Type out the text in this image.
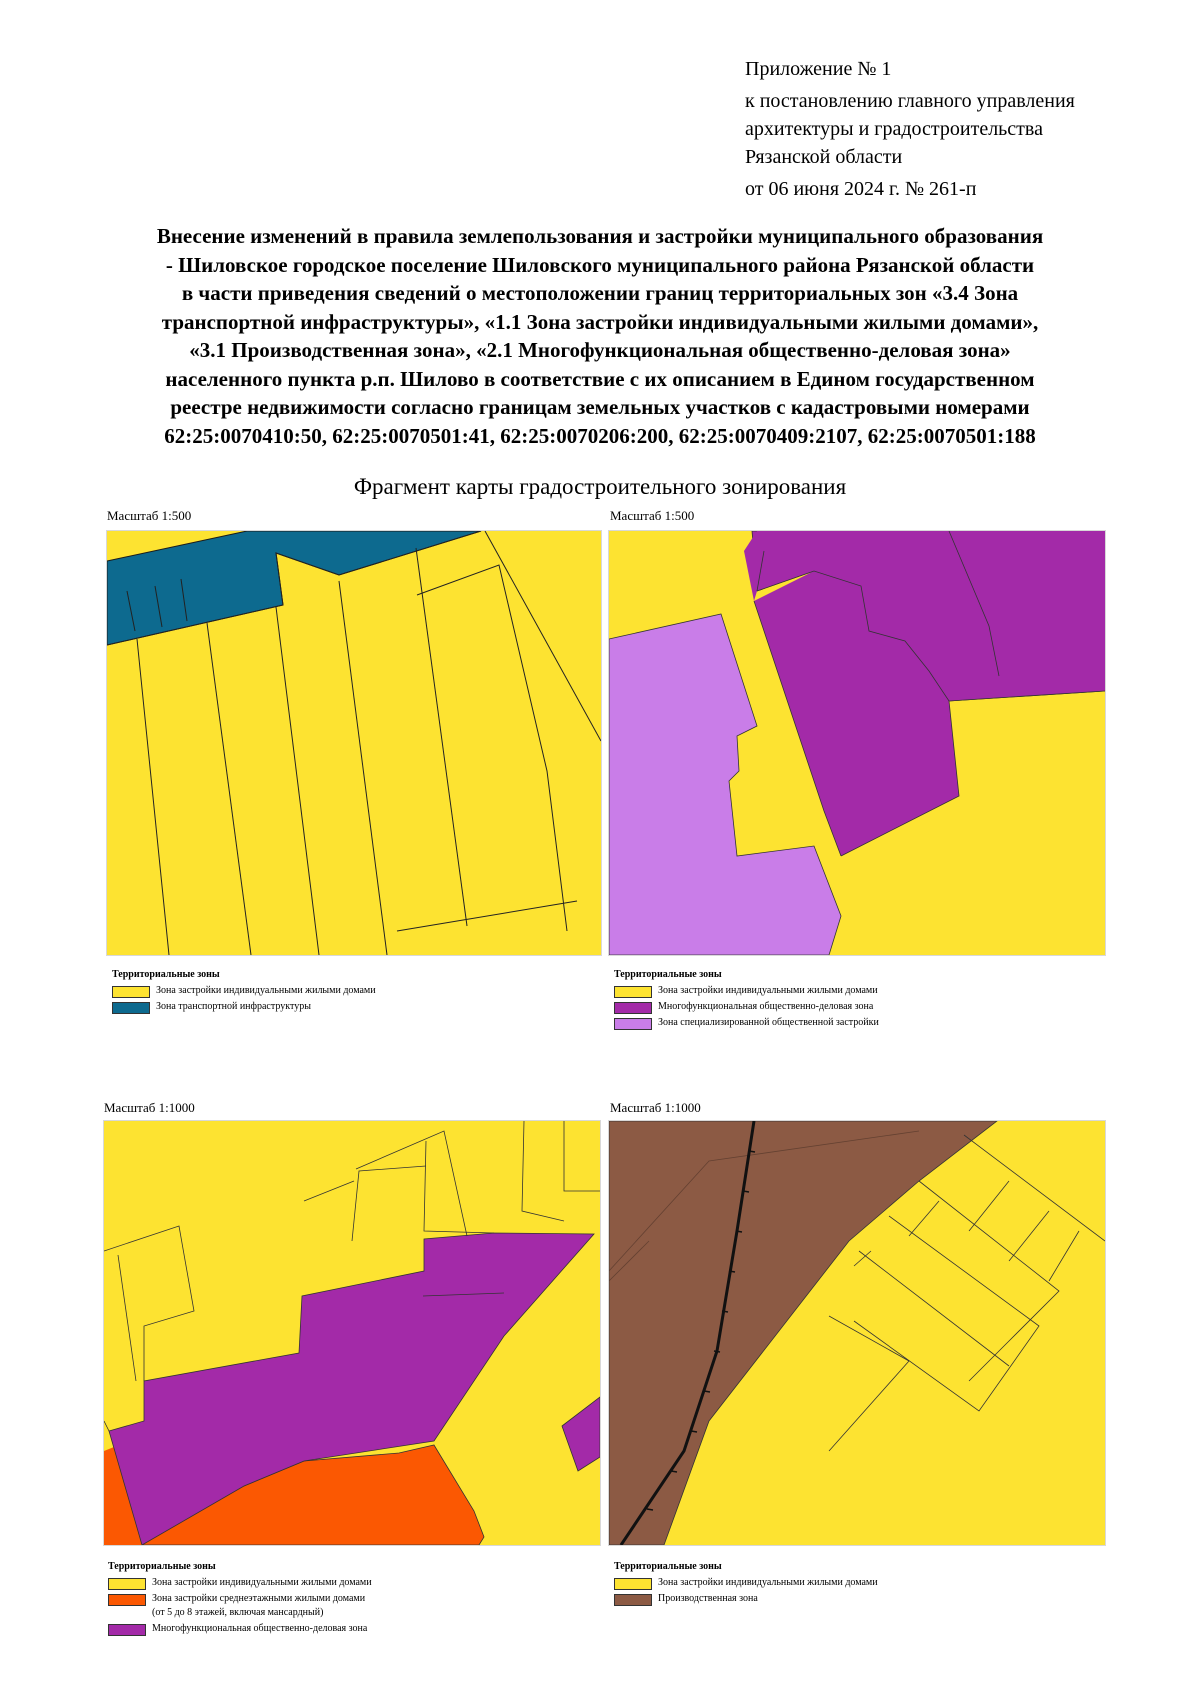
Приложение № 1
к постановлению главного управления
архитектуры и градостроительства
Рязанской области
от 06 июня 2024 г. № 261-п
Внесение изменений в правила землепользования и застройки муниципального образования
- Шиловское городское поселение Шиловского муниципального района Рязанской области
в части приведения сведений о местоположении границ территориальных зон «3.4 Зона
транспортной инфраструктуры», «1.1 Зона застройки индивидуальными жилыми домами»,
«3.1 Производственная зона», «2.1 Многофункциональная общественно-деловая зона»
населенного пункта р.п. Шилово в соответствие с их описанием в Едином государственном
реестре недвижимости согласно границам земельных участков с кадастровыми номерами
62:25:0070410:50, 62:25:0070501:41, 62:25:0070206:200, 62:25:0070409:2107, 62:25:0070501:188
Фрагмент карты градостроительного зонирования
Масштаб 1:500
Территориальные зоны
Зона застройки индивидуальными жилыми домами
Зона транспортной инфраструктуры
Масштаб 1:500
Территориальные зоны
Зона застройки индивидуальными жилыми домами
Многофункциональная общественно-деловая зона
Зона специализированной общественной застройки
Масштаб 1:1000
Территориальные зоны
Зона застройки индивидуальными жилыми домами
Зона застройки среднеэтажными жилыми домами
(от 5 до 8 этажей, включая мансардный)
Многофункциональная общественно-деловая зона
Масштаб 1:1000
Территориальные зоны
Зона застройки индивидуальными жилыми домами
Производственная зона
